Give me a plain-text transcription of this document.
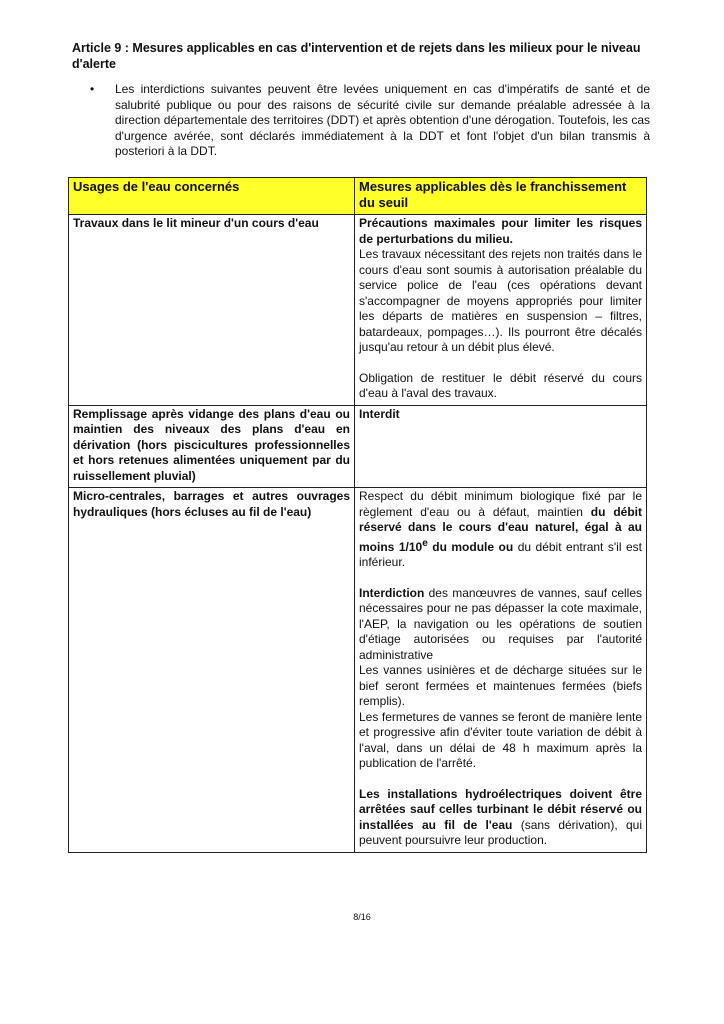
Article 9 : Mesures applicables en cas d'intervention et de rejets dans les milieux pour le niveau d'alerte
• Les interdictions suivantes peuvent être levées uniquement en cas d'impératifs de santé et de salubrité publique ou pour des raisons de sécurité civile sur demande préalable adressée à la direction départementale des territoires (DDT) et après obtention d'une dérogation. Toutefois, les cas d'urgence avérée, sont déclarés immédiatement à la DDT et font l'objet d'un bilan transmis à posteriori à la DDT.
Usages de l'eau concernés	Mesures applicables dès le franchissement du seuil
Travaux dans le lit mineur d'un cours d'eau	Précautions maximales pour limiter les risques de perturbations du milieu.

Les travaux nécessitant des rejets non traités dans le cours d'eau sont soumis à autorisation préalable du service police de l'eau (ces opérations devant s'accompagner de moyens appropriés pour limiter les départs de matières en suspension – filtres, batardeaux, pompages…). Ils pourront être décalés jusqu'au retour à un débit plus élevé.

Obligation de restituer le débit réservé du cours d'eau à l'aval des travaux.

Remplissage après vidange des plans d'eau ou maintien des niveaux des plans d'eau en dérivation (hors piscicultures professionnelles et hors retenues alimentées uniquement par du ruissellement pluvial)	Interdit

Micro-centrales, barrages et autres ouvrages hydrauliques (hors écluses au fil de l'eau)	Respect du débit minimum biologique fixé par le règlement d'eau ou à défaut, maintien du débit réservé dans le cours d'eau naturel, égal à au moins 1/10e du module ou du débit entrant s'il est inférieur.

Interdiction des manœuvres de vannes, sauf celles nécessaires pour ne pas dépasser la cote maximale, l'AEP, la navigation ou les opérations de soutien d'étiage autorisées ou requises par l'autorité administrative

Les vannes usinières et de décharge situées sur le bief seront fermées et maintenues fermées (biefs remplis).

Les fermetures de vannes se feront de manière lente et progressive afin d'éviter toute variation de débit à l'aval, dans un délai de 48 h maximum après la publication de l'arrêté.

Les installations hydroélectriques doivent être arrêtées sauf celles turbinant le débit réservé ou installées au fil de l'eau (sans dérivation), qui peuvent poursuivre leur production.

8/16
